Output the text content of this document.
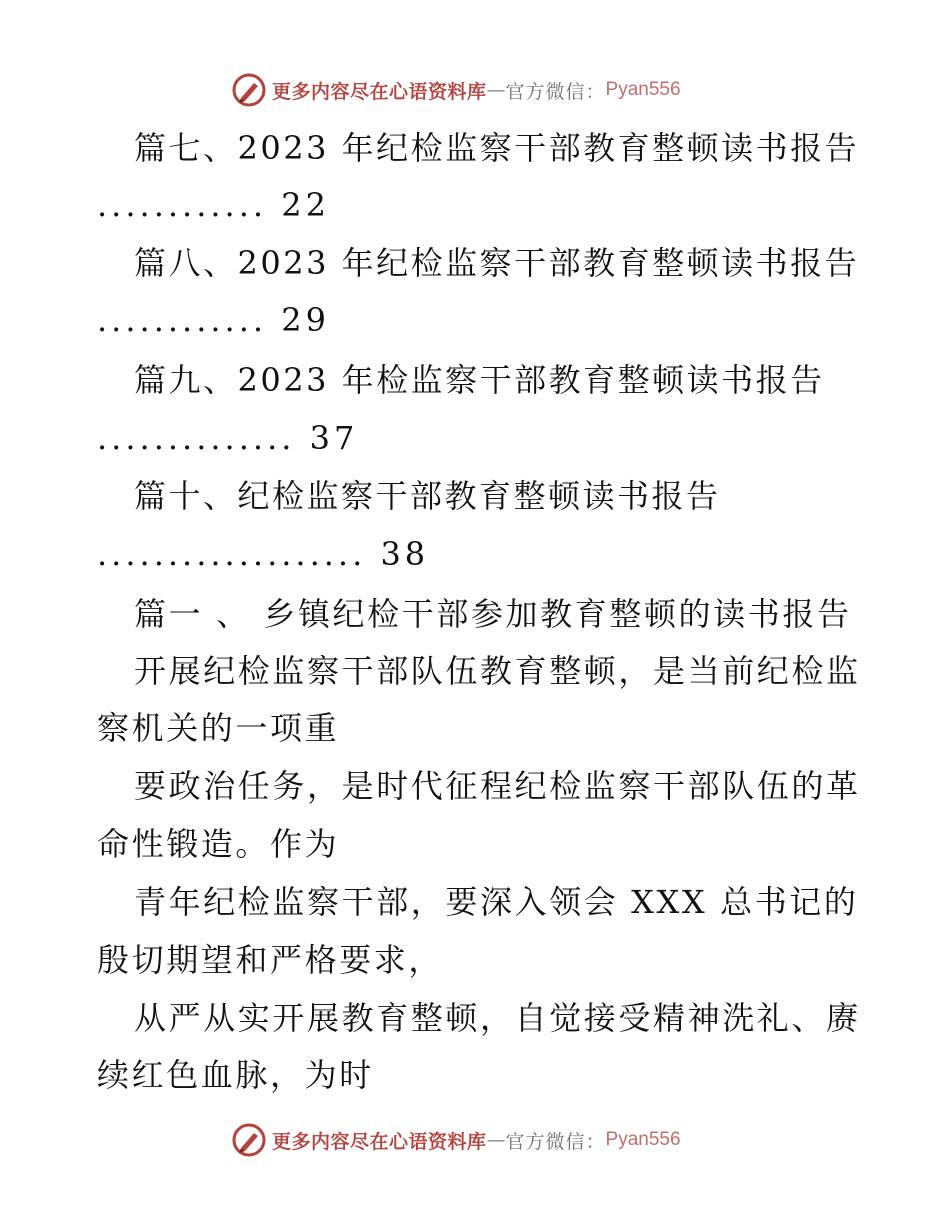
更多内容尽在心语资料库 — 官方微信： Pyan556
篇七、2023 年纪检监察干部教育整顿读书报告
............ 22
篇八、2023 年纪检监察干部教育整顿读书报告
............ 29
篇九、2023 年检监察干部教育整顿读书报告
.............. 37
篇十、纪检监察干部教育整顿读书报告
................... 38
篇一 、 乡镇纪检干部参加教育整顿的读书报告
开展纪检监察干部队伍教育整顿，是当前纪检监
察机关的一项重
要政治任务，是时代征程纪检监察干部队伍的革
命性锻造。作为
青年纪检监察干部，要深入领会 XXX 总书记的
殷切期望和严格要求，
从严从实开展教育整顿，自觉接受精神洗礼、赓
续红色血脉，为时
更多内容尽在心语资料库 — 官方微信： Pyan556
